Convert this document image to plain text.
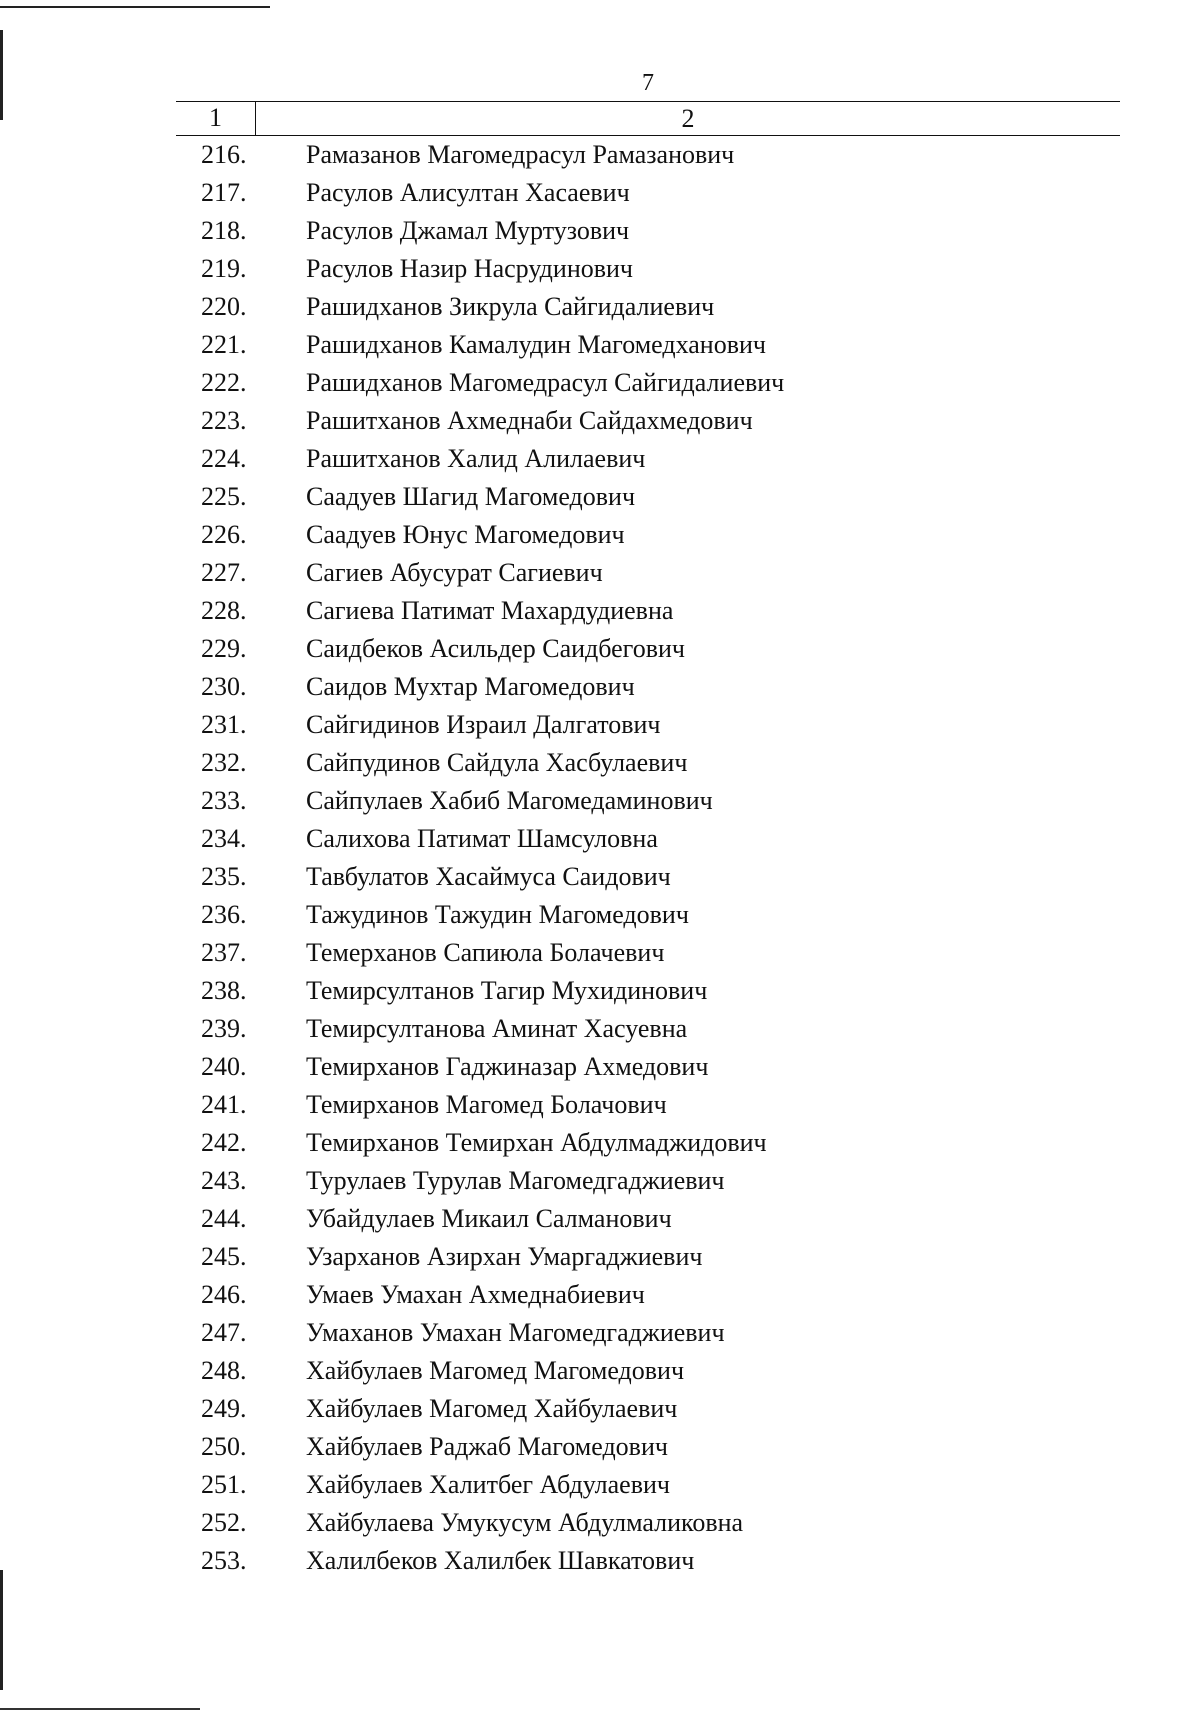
7
1	2
216. Рамазанов Магомедрасул Рамазанович
217. Расулов Алисултан Хасаевич
218. Расулов Джамал Муртузович
219. Расулов Назир Насрудинович
220. Рашидханов Зикрула Сайгидалиевич
221. Рашидханов Камалудин Магомедханович
222. Рашидханов Магомедрасул Сайгидалиевич
223. Рашитханов Ахмеднаби Сайдахмедович
224. Рашитханов Халид Алилаевич
225. Саадуев Шагид Магомедович
226. Саадуев Юнус Магомедович
227. Сагиев Абусурат Сагиевич
228. Сагиева Патимат Махардудиевна
229. Саидбеков Асильдер Саидбегович
230. Саидов Мухтар Магомедович
231. Сайгидинов Израил Далгатович
232. Сайпудинов Сайдула Хасбулаевич
233. Сайпулаев Хабиб Магомедаминович
234. Салихова Патимат Шамсуловна
235. Тавбулатов Хасаймуса Саидович
236. Тажудинов Тажудин Магомедович
237. Темерханов Сапиюла Болачевич
238. Темирсултанов Тагир Мухидинович
239. Темирсултанова Аминат Хасуевна
240. Темирханов Гаджиназар Ахмедович
241. Темирханов Магомед Болачович
242. Темирханов Темирхан Абдулмаджидович
243. Турулаев Турулав Магомедгаджиевич
244. Убайдулаев Микаил Салманович
245. Узарханов Азирхан Умаргаджиевич
246. Умаев Умахан Ахмеднабиевич
247. Умаханов Умахан Магомедгаджиевич
248. Хайбулаев Магомед Магомедович
249. Хайбулаев Магомед Хайбулаевич
250. Хайбулаев Раджаб Магомедович
251. Хайбулаев Халитбег Абдулаевич
252. Хайбулаева Умукусум Абдулмаликовна
253. Халилбеков Халилбек Шавкатович
